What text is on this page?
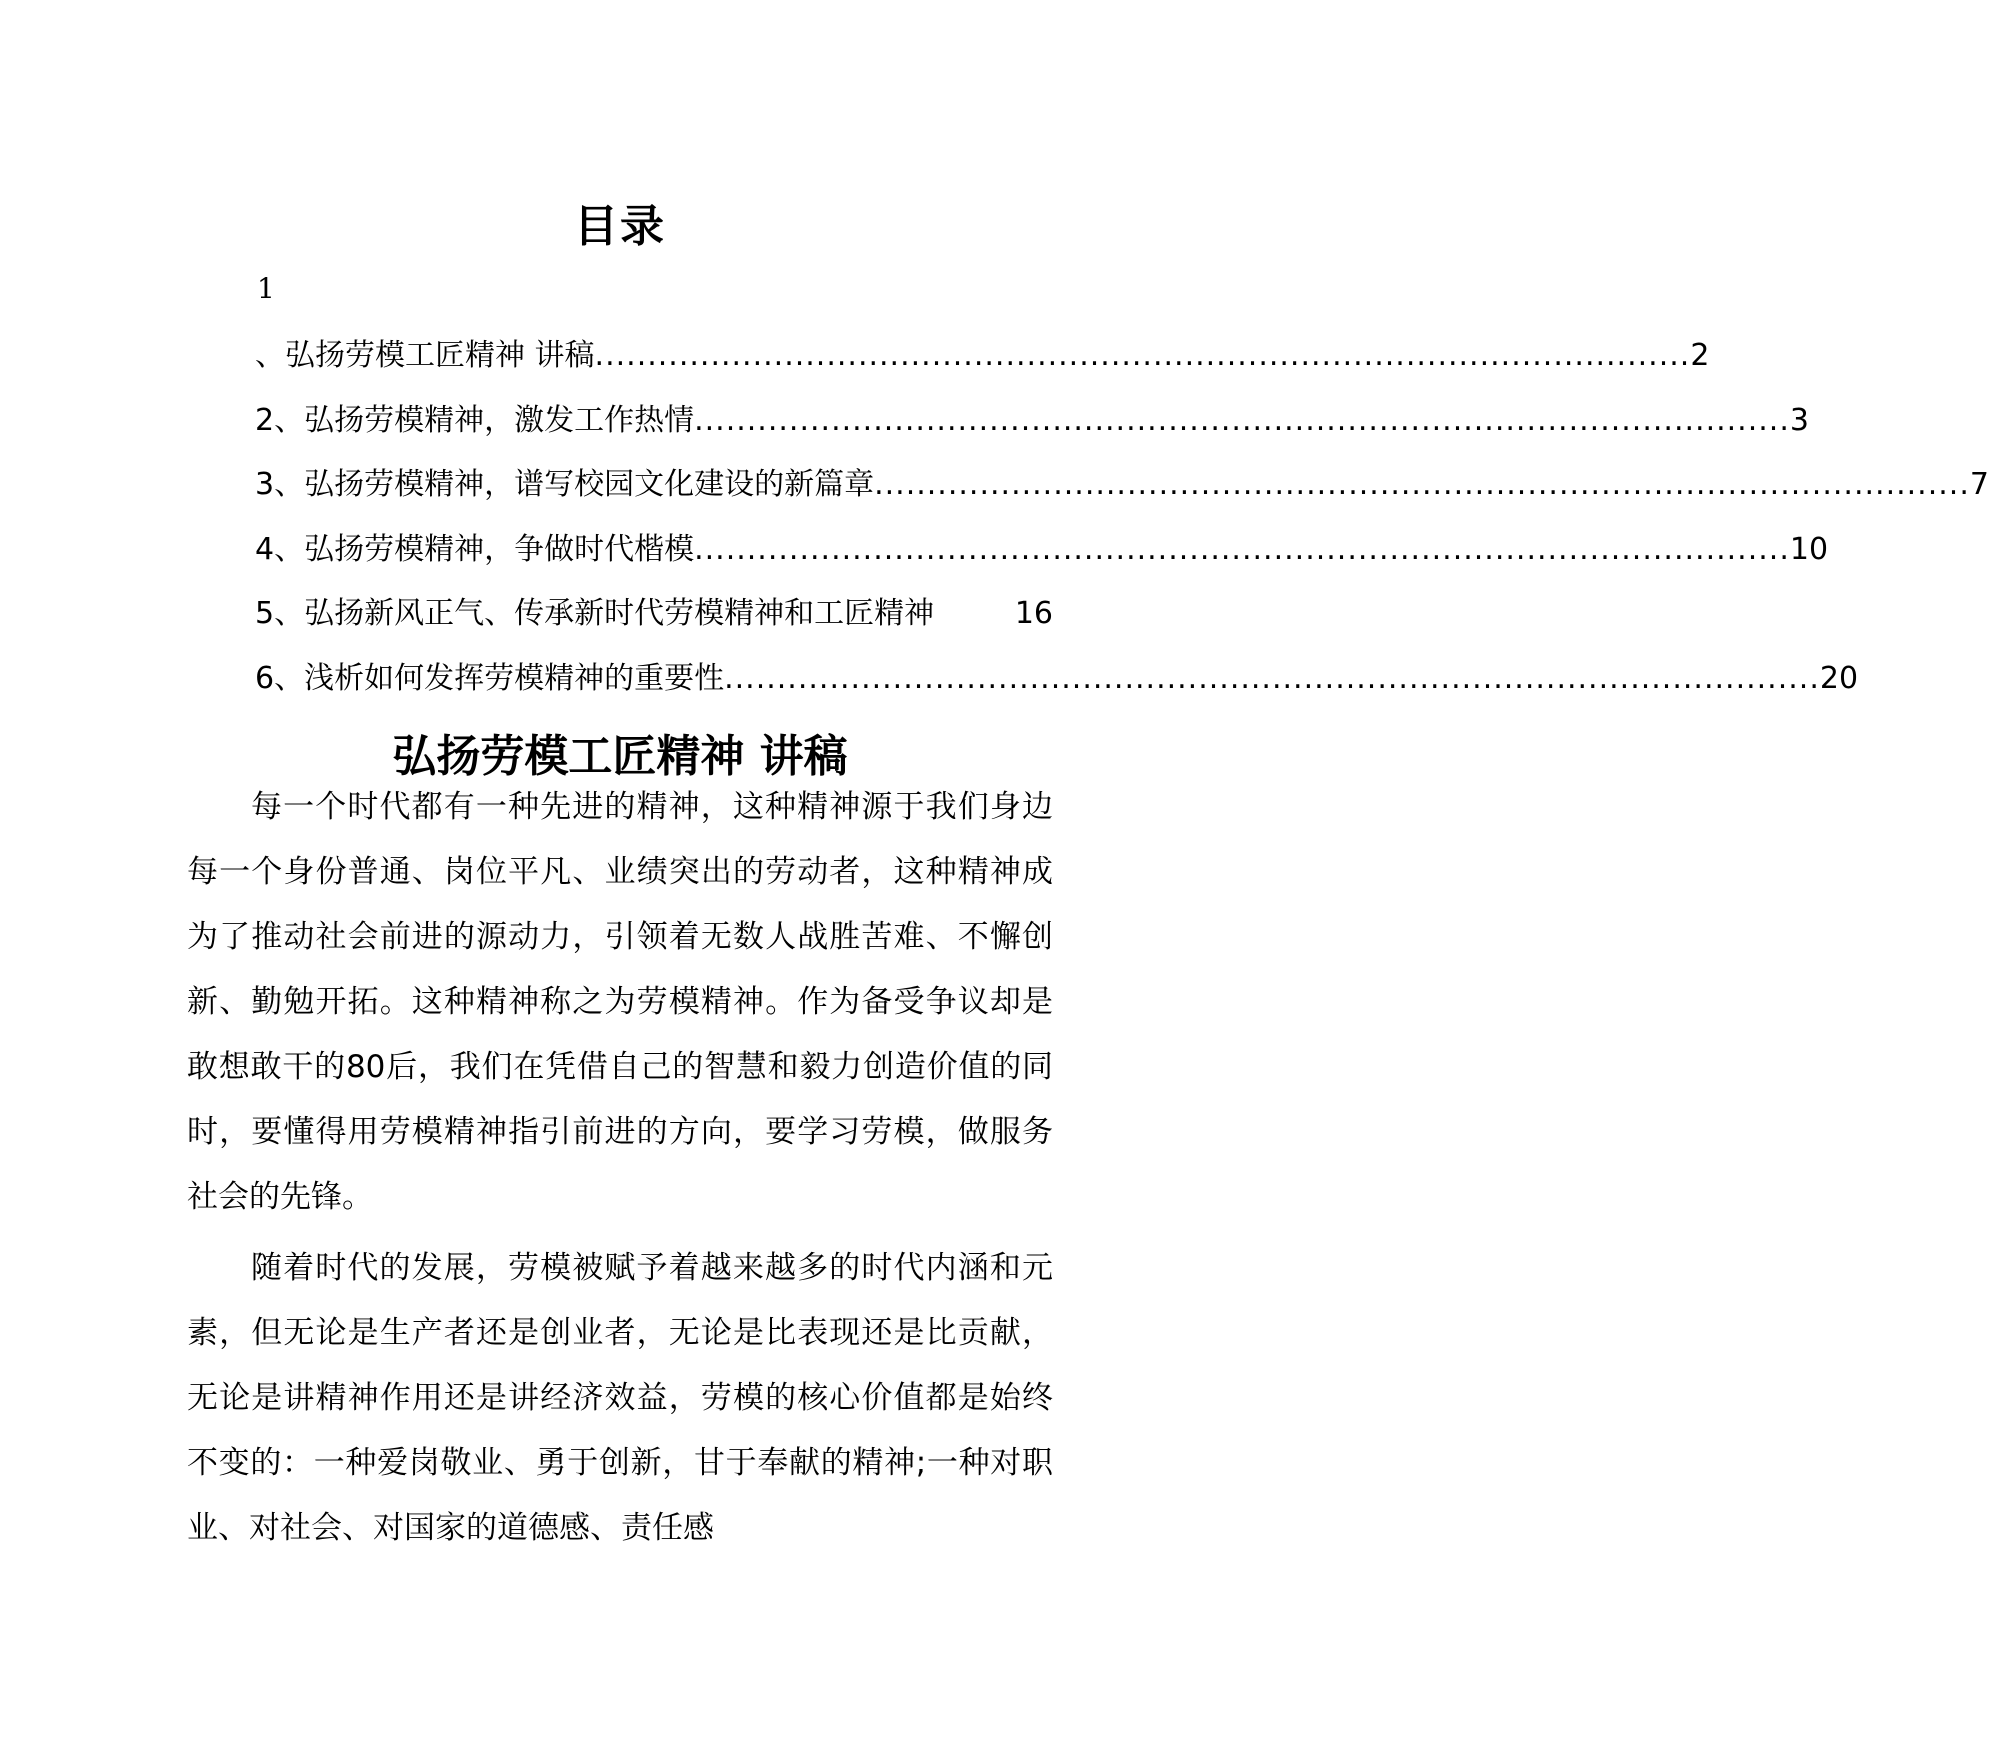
目录
1
、弘扬劳模工匠精神 讲稿 ........................................................................................................ 2
2、弘扬劳模精神，激发工作热情 ........................................................................................................ 3
3、弘扬劳模精神，谱写校园文化建设的新篇章 ........................................................................................................ 7
4、弘扬劳模精神，争做时代楷模 ........................................................................................................ 10
5、弘扬新风正气、传承新时代劳模精神和工匠精神	16
6、浅析如何发挥劳模精神的重要性 ........................................................................................................ 20
弘扬劳模工匠精神 讲稿

每一个时代都有一种先进的精神，这种精神源于我们身边每一个身份普通、岗位平凡、业绩突出的劳动者，这种精神成为了推动社会前进的源动力，引领着无数人战胜苦难、不懈创新、勤勉开拓。这种精神称之为劳模精神。作为备受争议却是敢想敢干的80后，我们在凭借自己的智慧和毅力创造价值的同时，要懂得用劳模精神指引前进的方向，要学习劳模，做服务社会的先锋。

随着时代的发展，劳模被赋予着越来越多的时代内涵和元素，但无论是生产者还是创业者，无论是比表现还是比贡献，无论是讲精神作用还是讲经济效益，劳模的核心价值都是始终不变的：一种爱岗敬业、勇于创新，甘于奉献的精神;一种对职业、对社会、对国家的道德感、责任感
